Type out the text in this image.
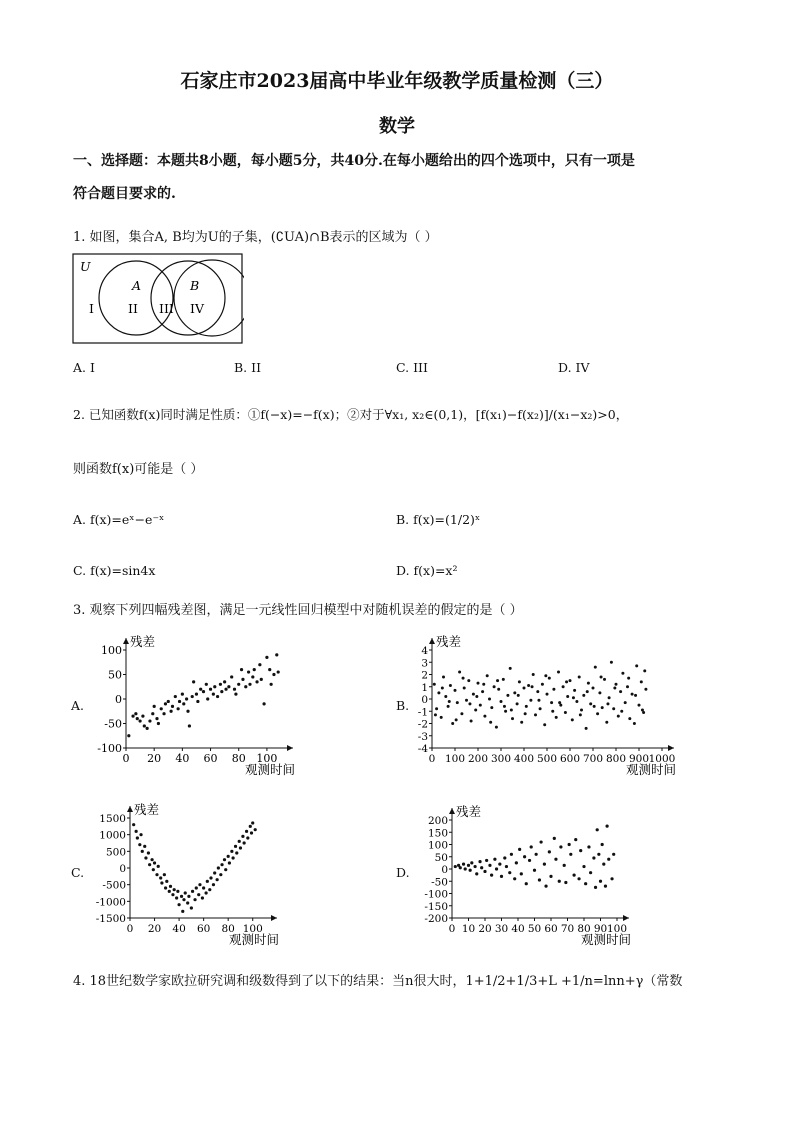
石家庄市2023届高中毕业年级教学质量检测（三）
数学
一、选择题：本题共8小题，每小题5分，共40分.在每小题给出的四个选项中，只有一项是
符合题目要求的.
1. 如图，集合A, B均为U的子集，(∁UA)∩B表示的区域为（ ）
U
A	B
I	II III IV
A. I	B. II	C. III	D. IV
2. 已知函数f(x)同时满足性质：①f(−x)=−f(x)；②对于∀x₁, x₂∈(0,1)，[f(x₁)−f(x₂)]/(x₁−x₂)>0，
则函数f(x)可能是（ ）
A. f(x)=eˣ−e⁻ˣ	B. f(x)=(1/2)ˣ
C. f(x)=sin4x	D. f(x)=x²
3. 观察下列四幅残差图，满足一元线性回归模型中对随机误差的假定的是（ ）
A.	B.
C.	D.
100
50
0
-50
-100
0 20 40 60 80 100
残差
观测时间
4
3
2
1
0
-1
-2
-3
-4
0 100 200 300 400 500 600 700 800 900 1000
残差
观测时间
1500
1000
500
0
-500
-1000
-1500
0 20 40 60 80 100
残差
观测时间
200
150
100
50
0
-50
-100
-150
-200
0 10 20 30 40 50 60 70 80 90 100
残差
观测时间
4. 18世纪数学家欧拉研究调和级数得到了以下的结果：当n很大时，1+1/2+1/3+L +1/n=lnn+γ（常数
